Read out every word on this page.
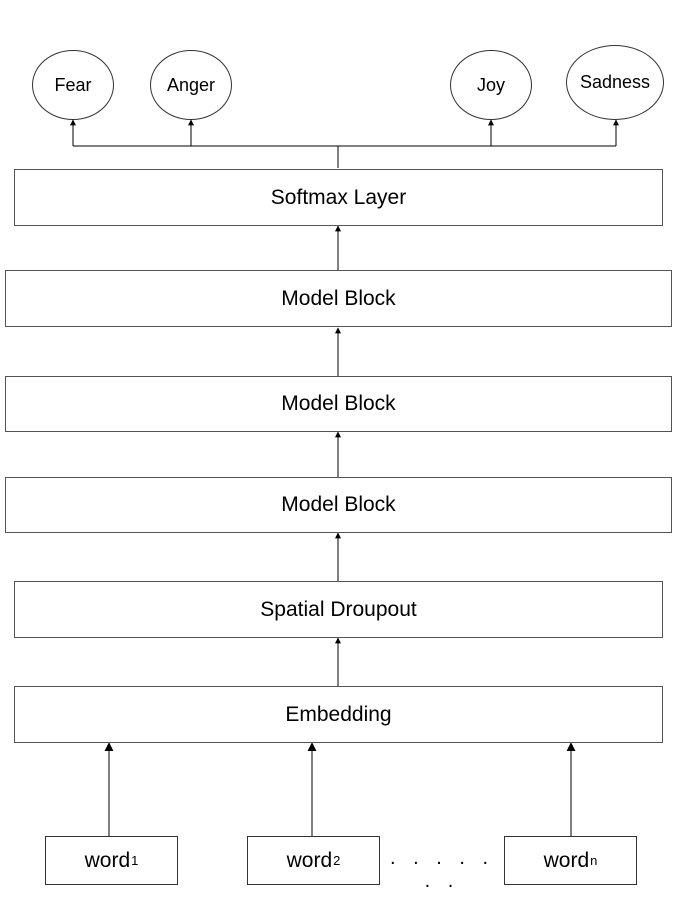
Fear	Anger	Joy	Sadness
Softmax Layer
Model Block
Model Block
Model Block
Spatial Droupout
Embedding
word 1	word 2	word n
. . . . . . .
